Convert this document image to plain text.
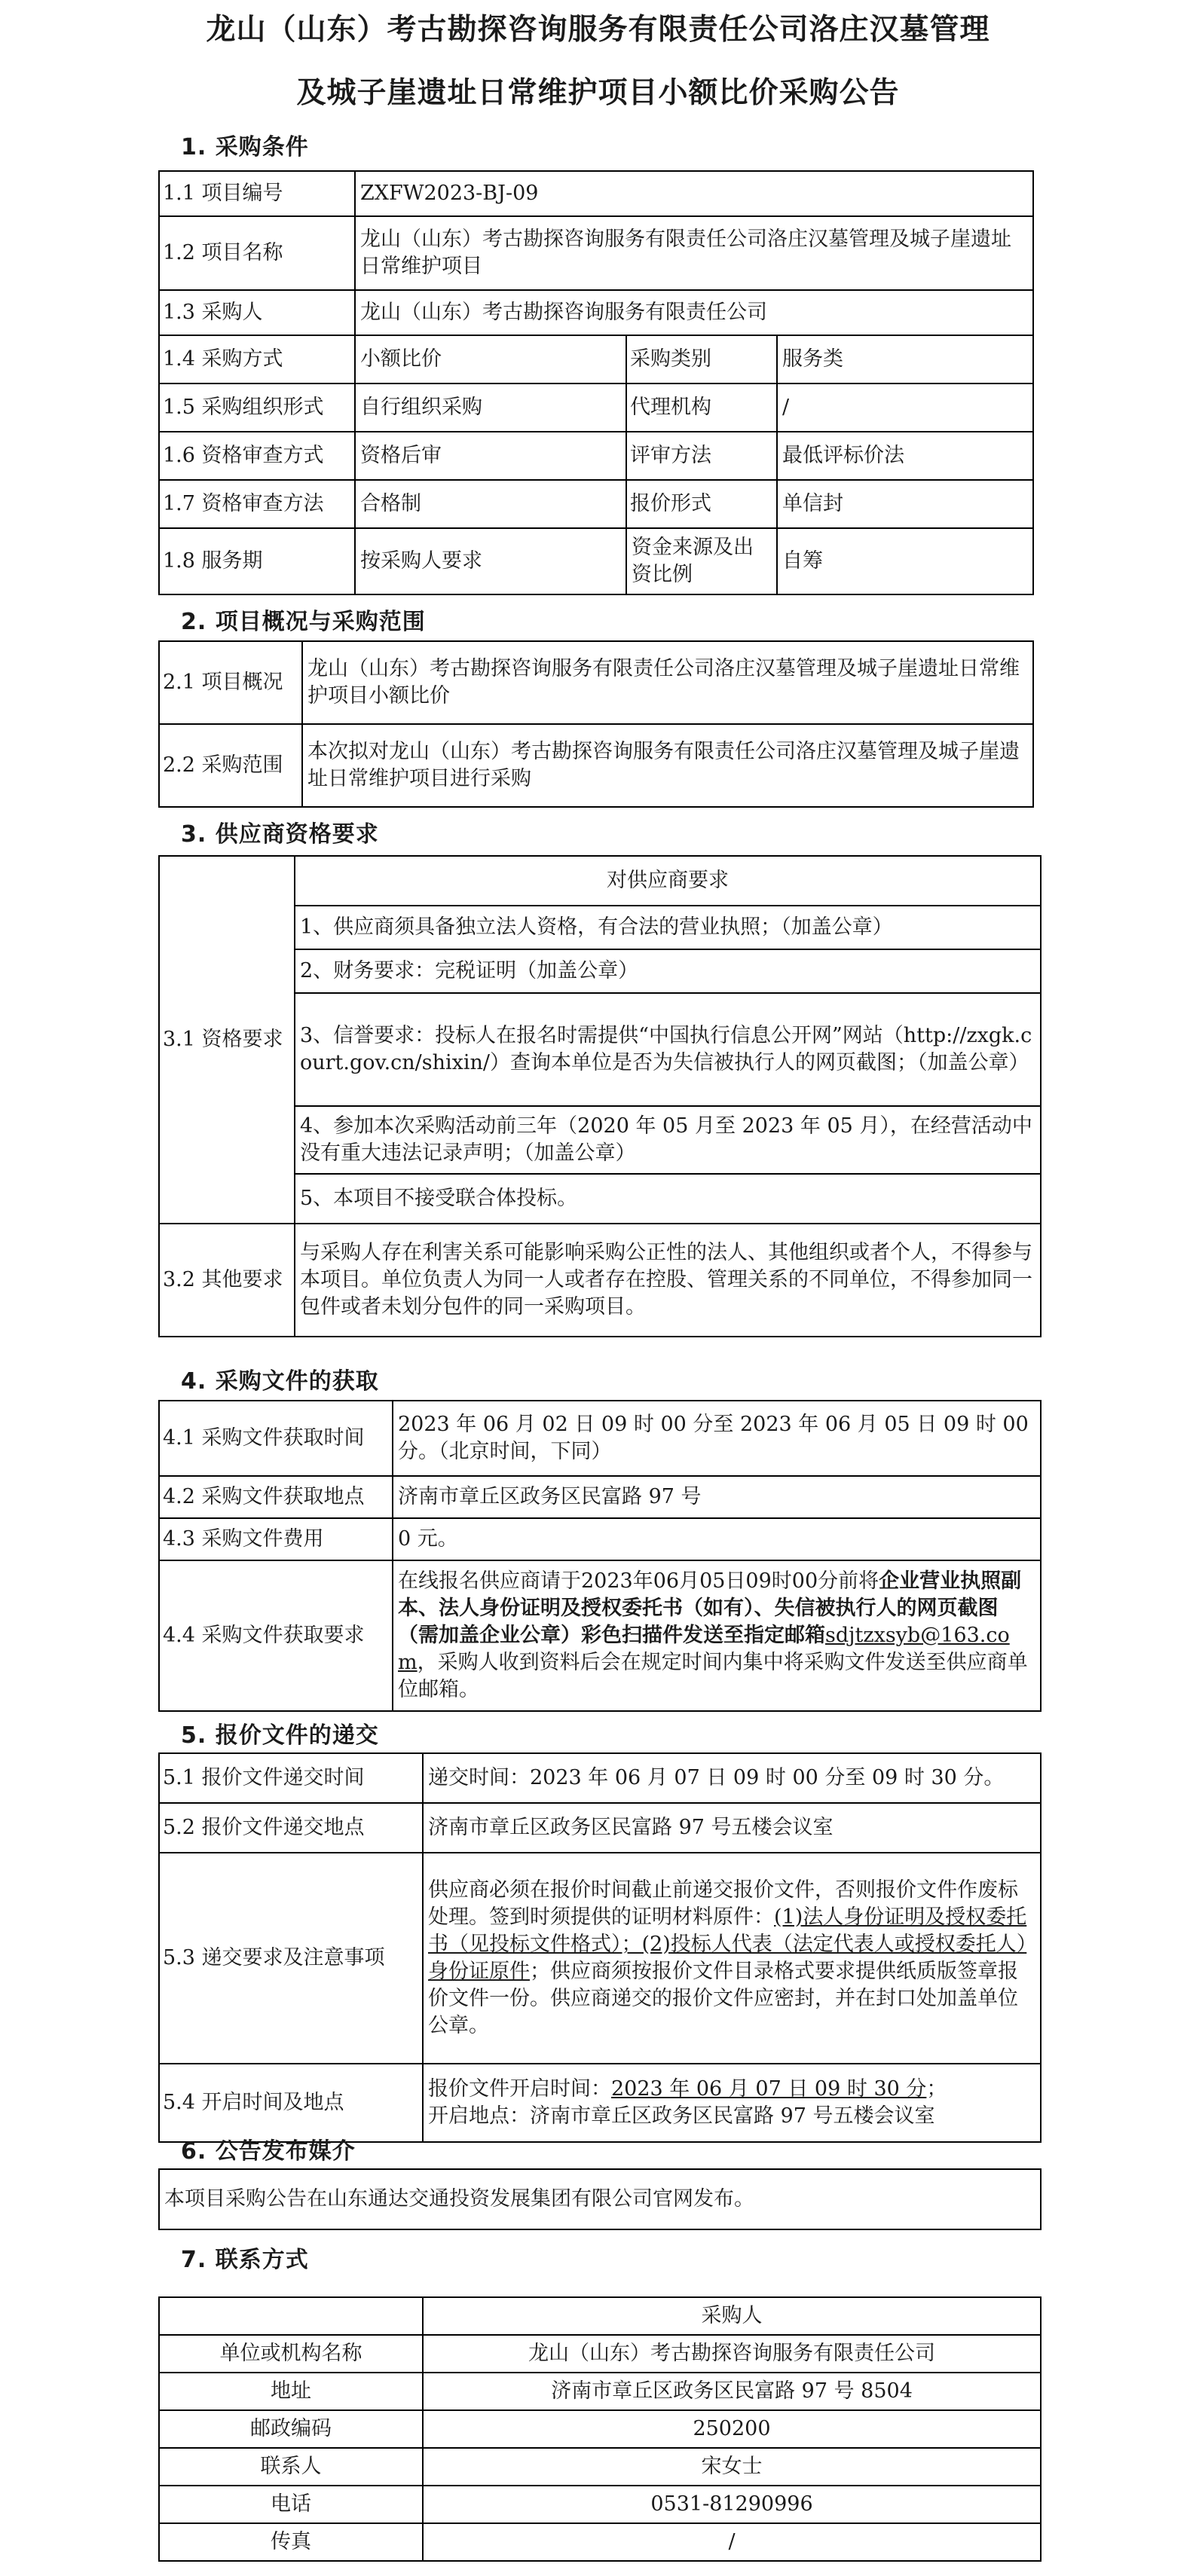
龙山（山东）考古勘探咨询服务有限责任公司洛庄汉墓管理
及城子崖遗址日常维护项目小额比价采购公告
1. 采购条件
1.1 项目编号	ZXFW2023-BJ-09		
1.2 项目名称	龙山（山东）考古勘探咨询服务有限责任公司洛庄汉墓管理及城子崖遗址日常维护项目		
1.3 采购人	龙山（山东）考古勘探咨询服务有限责任公司		
1.4 采购方式	小额比价	采购类别	服务类
1.5 采购组织形式	自行组织采购	代理机构	/
1.6 资格审查方式	资格后审	评审方法	最低评标价法
1.7 资格审查方法	合格制	报价形式	单信封
1.8 服务期	按采购人要求	资金来源及出资比例	自筹
2. 项目概况与采购范围
2.1 项目概况	龙山（山东）考古勘探咨询服务有限责任公司洛庄汉墓管理及城子崖遗址日常维护项目小额比价
2.2 采购范围	本次拟对龙山（山东）考古勘探咨询服务有限责任公司洛庄汉墓管理及城子崖遗址日常维护项目进行采购
3. 供应商资格要求
3.1 资格要求	对供应商要求
	1、供应商须具备独立法人资格，有合法的营业执照；（加盖公章）
	2、财务要求：完税证明（加盖公章）
	3、信誉要求：投标人在报名时需提供“中国执行信息公开网”网站（http://zxgk.court.gov.cn/shixin/）查询本单位是否为失信被执行人的网页截图；（加盖公章）
	4、参加本次采购活动前三年（2020 年 05 月至 2023 年 05 月），在经营活动中没有重大违法记录声明；（加盖公章）
	5、本项目不接受联合体投标。
3.2 其他要求	与采购人存在利害关系可能影响采购公正性的法人、其他组织或者个人，不得参与本项目。单位负责人为同一人或者存在控股、管理关系的不同单位，不得参加同一包件或者未划分包件的同一采购项目。
4. 采购文件的获取
4.1 采购文件获取时间	2023 年 06 月 02 日 09 时 00 分至 2023 年 06 月 05 日 09 时 00 分。（北京时间，下同）
4.2 采购文件获取地点	济南市章丘区政务区民富路 97 号
4.3 采购文件费用	0 元。
4.4 采购文件获取要求	在线报名供应商请于2023年06月05日09时00分前将企业营业执照副本、法人身份证明及授权委托书（如有）、失信被执行人的网页截图（需加盖企业公章）彩色扫描件发送至指定邮箱sdjtzxsyb@163.com，采购人收到资料后会在规定时间内集中将采购文件发送至供应商单位邮箱。
5. 报价文件的递交
5.1 报价文件递交时间	递交时间：2023 年 06 月 07 日 09 时 00 分至 09 时 30 分。
5.2 报价文件递交地点	济南市章丘区政务区民富路 97 号五楼会议室
5.3 递交要求及注意事项	供应商必须在报价时间截止前递交报价文件，否则报价文件作废标处理。签到时须提供的证明材料原件：(1)法人身份证明及授权委托书（见投标文件格式）；(2)投标人代表（法定代表人或授权委托人）身份证原件；供应商须按报价文件目录格式要求提供纸质版签章报价文件一份。供应商递交的报价文件应密封，并在封口处加盖单位公章。
5.4 开启时间及地点	报价文件开启时间：2023 年 06 月 07 日 09 时 30 分；
开启地点：济南市章丘区政务区民富路 97 号五楼会议室
6. 公告发布媒介
本项目采购公告在山东通达交通投资发展集团有限公司官网发布。
7. 联系方式
	采购人
单位或机构名称	龙山（山东）考古勘探咨询服务有限责任公司
地址	济南市章丘区政务区民富路 97 号 8504
邮政编码	250200
联系人	宋女士
电话	0531-81290996
传真	/
